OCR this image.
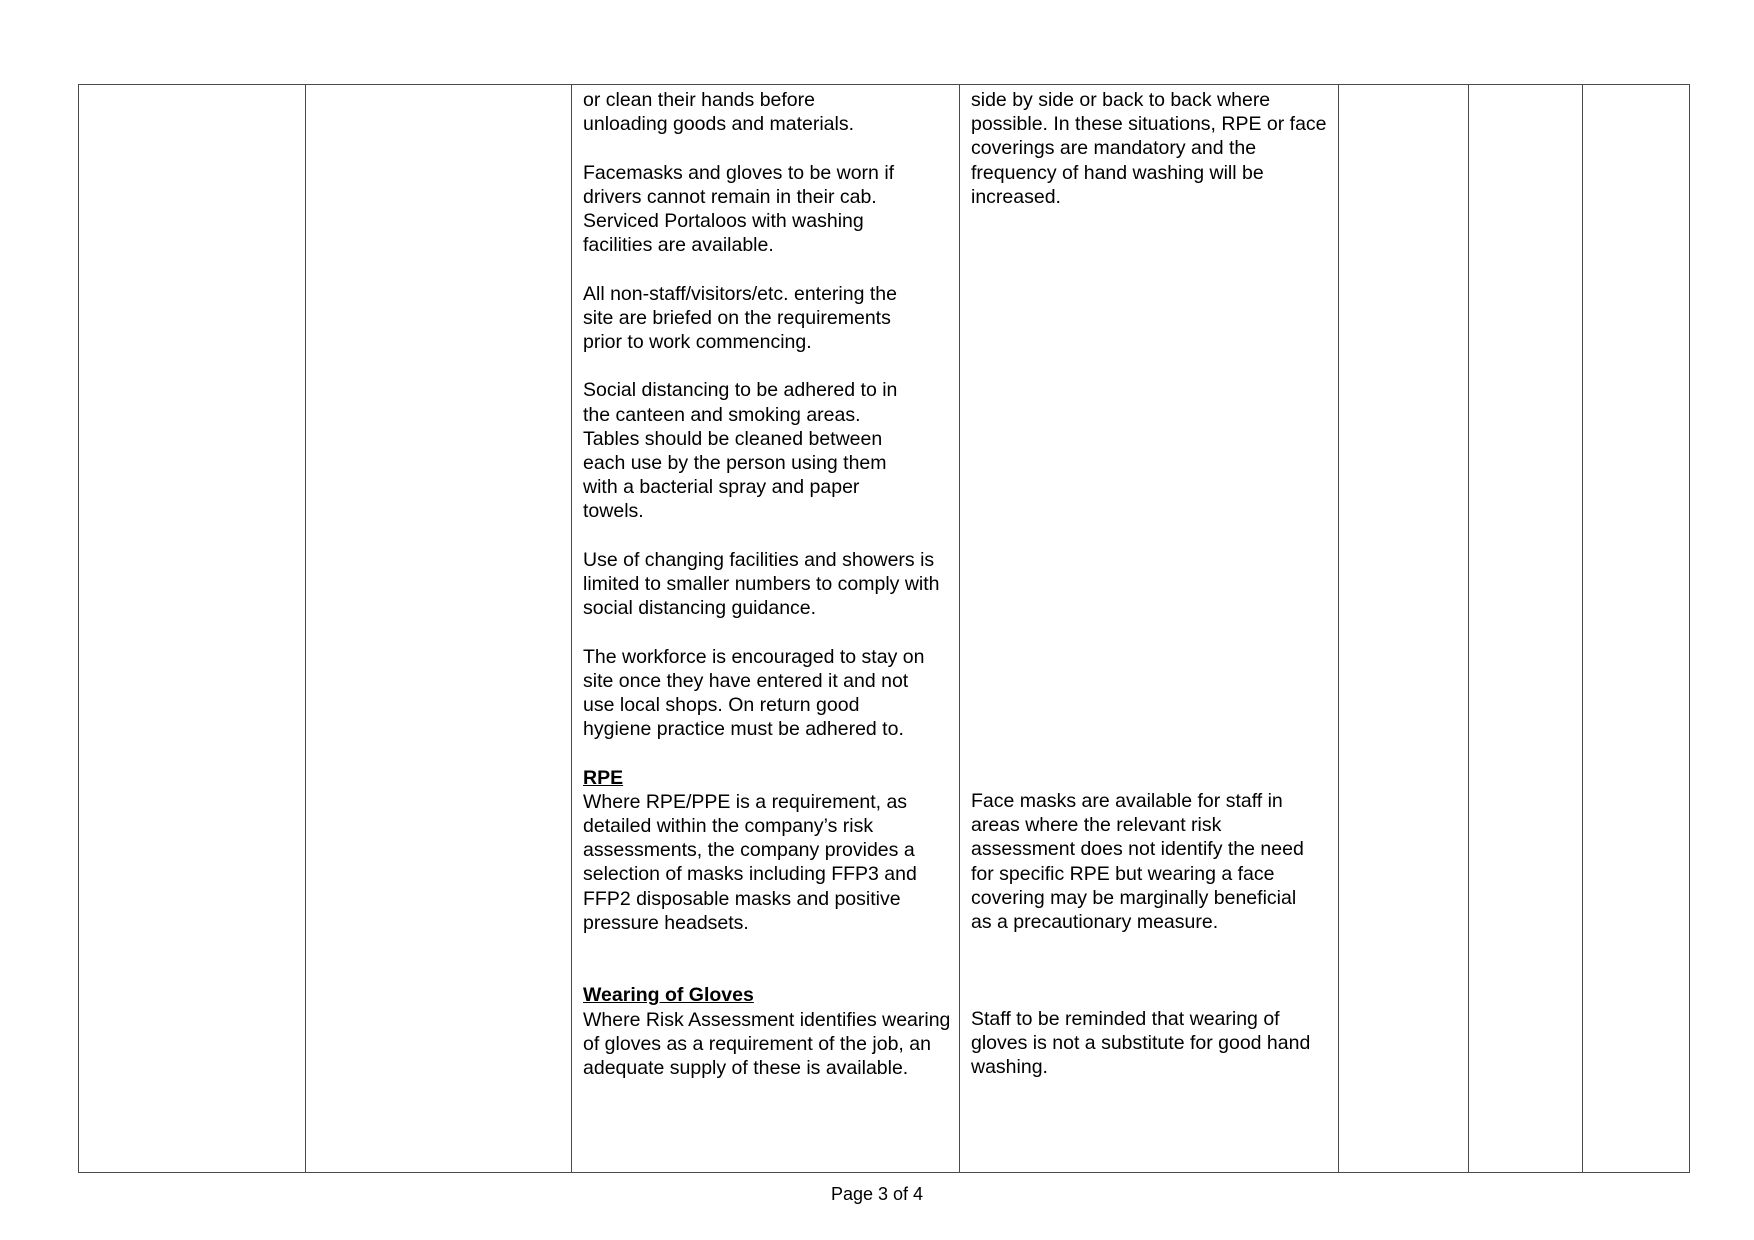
or clean their hands before unloading goods and materials.

Facemasks and gloves to be worn if drivers cannot remain in their cab. Serviced Portaloos with washing facilities are available.

All non-staff/visitors/etc. entering the site are briefed on the requirements prior to work commencing.

Social distancing to be adhered to in the canteen and smoking areas. Tables should be cleaned between each use by the person using them with a bacterial spray and paper towels.

Use of changing facilities and showers is limited to smaller numbers to comply with social distancing guidance.

The workforce is encouraged to stay on site once they have entered it and not use local shops. On return good hygiene practice must be adhered to.

RPE
Where RPE/PPE is a requirement, as detailed within the company’s risk assessments, the company provides a selection of masks including FFP3 and FFP2 disposable masks and positive pressure headsets.
Wearing of Gloves
Where Risk Assessment identifies wearing of gloves as a requirement of the job, an adequate supply of these is available.

side by side or back to back where possible. In these situations, RPE or face coverings are mandatory and the frequency of hand washing will be increased.

Face masks are available for staff in areas where the relevant risk assessment does not identify the need for specific RPE but wearing a face covering may be marginally beneficial as a precautionary measure.

Staff to be reminded that wearing of gloves is not a substitute for good hand washing.

Page 3 of 4
